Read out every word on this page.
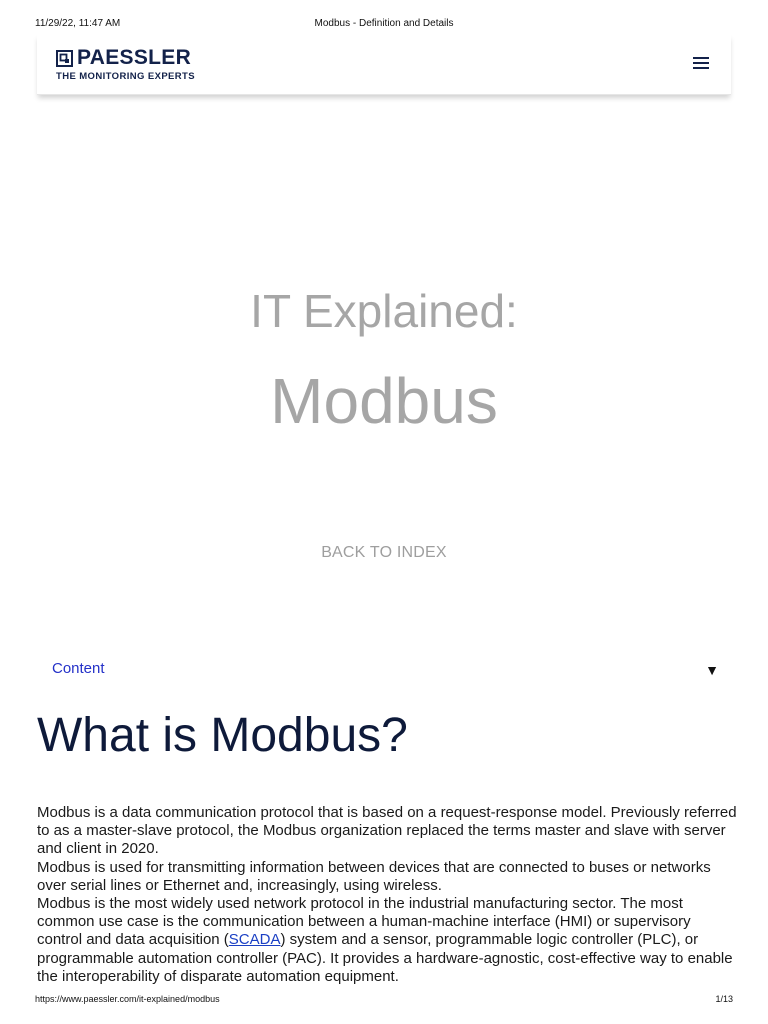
11/29/22, 11:47 AM	Modbus - Definition and Details
PAESSLER
THE MONITORING EXPERTS
IT Explained:
Modbus
BACK TO INDEX
Content	▼
What is Modbus?

Modbus is a data communication protocol that is based on a request-response model. Previously referred to as a master-slave protocol, the Modbus organization replaced the terms master and slave with server and client in 2020.

Modbus is used for transmitting information between devices that are connected to buses or networks over serial lines or Ethernet and, increasingly, using wireless.

Modbus is the most widely used network protocol in the industrial manufacturing sector. The most common use case is the communication between a human-machine interface (HMI) or supervisory control and data acquisition (SCADA) system and a sensor, programmable logic controller (PLC), or programmable automation controller (PAC). It provides a hardware-agnostic, cost-effective way to enable the interoperability of disparate automation equipment.

https://www.paessler.com/it-explained/modbus	1/13
